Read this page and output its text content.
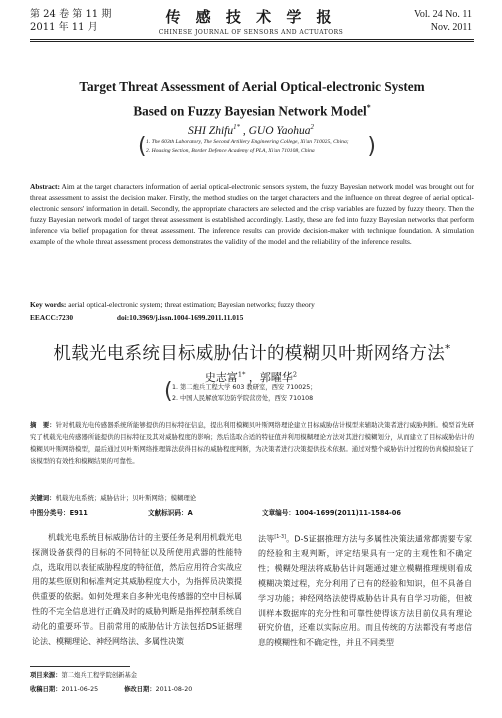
第 24 卷 第 11 期
2011 年 11 月
传 感 技 术 学 报
CHINESE JOURNAL OF SENSORS AND ACTUATORS
Vol. 24 No. 11
Nov. 2011
Target Threat Assessment of Aerial Optical-electronic System
Based on Fuzzy Bayesian Network Model*
SHI Zhifu$^{1*}$ , GUO Yaohua$^2$
( 1. The 603th Laboratory, The Second Artillery Engineering College, Xi'an 710025, China;
2. Housing Section, Border Defence Academy of PLA, Xi'an 710108, China	)
Abstract: Aim at the target characters information of aerial optical-electronic sensors system, the fuzzy Bayesian network model was brought out for threat assessment to assist the decision maker. Firstly, the method studies on the target characters and the influence on threat degree of aerial optical-electronic sensors' information in detail. Secondly, the appropriate characters are selected and the crisp variables are fuzzed by fuzzy theory. Then the fuzzy Bayesian network model of target threat assessment is established accordingly. Lastly, these are fed into fuzzy Bayesian networks that perform inference via belief propagation for threat assessment. The inference results can provide decision-maker with technique foundation. A simulation example of the whole threat assessment process demonstrates the validity of the model and the reliability of the inference results.
Key words: aerial optical-electronic system; threat estimation; Bayesian networks; fuzzy theory
EEACC:7230	doi:10.3969/j.issn.1004-1699.2011.11.015
机载光电系统目标威胁估计的模糊贝叶斯网络方法*
史志富$^{1*}$ ，郭曜华$^2$
( 1. 第二炮兵工程大学 603 教研室，西安 710025；
2. 中国人民解放军边防学院营房处，西安 710108
摘　要：针对机载光电传感器系统所能够提供的目标特征信息，提出利用模糊贝叶斯网络理论建立目标威胁估计模型来辅助决策者进行威胁判断。模型首先研究了机载光电传感器所能提供的目标特征及其对威胁程度的影响；然后选取合适的特征值并利用模糊理论方法对其进行模糊划分，从而建立了目标威胁估计的模糊贝叶斯网络模型，最后通过贝叶斯网络推理算法获得目标的威胁程度判断，为决策者进行决策提供技术依据。通过对整个威胁估计过程的仿真模拟验证了该模型的有效性和模糊结果的可靠性。
关键词：机载光电系统；威胁估计；贝叶斯网络；模糊理论
中图分类号：E911	文献标识码：A	文章编号：1004-1699(2011)11-1584-06
机载光电系统目标威胁估计的主要任务是利用机载光电探测设备获得的目标的不同特征以及所使用武器的性能特点，选取用以表征威胁程度的特征值，然后应用符合实战应用的某些原则和标准判定其威胁程度大小，为指挥员决策提供重要的依据。如何处理来自多种光电传感器的空中目标属性的不完全信息进行正确及时的威胁判断是指挥控制系统自动化的重要环节。目前常用的威胁估计方法包括DS证据理论法、模糊理论、神经网络法、多属性决策
法等[1-3]。D-S证据推理方法与多属性决策法通常都需要专家的经验和主观判断，评定结果具有一定的主观性和不确定性；模糊处理法将威胁估计问题通过建立模糊推理规则看成模糊决策过程，充分利用了已有的经验和知识，但不具备自学习功能；神经网络法使得威胁估计具有自学习功能，但被训样本数据库的充分性和可靠性使得该方法目前仪具有理论研究价值，还难以实际应用。而且传统的方法都没有考虑信息的模糊性和不确定性，并且不同类型
项目来源：第二炮兵工程学院创新基金
收稿日期：2011-06-25	修改日期：2011-08-20
